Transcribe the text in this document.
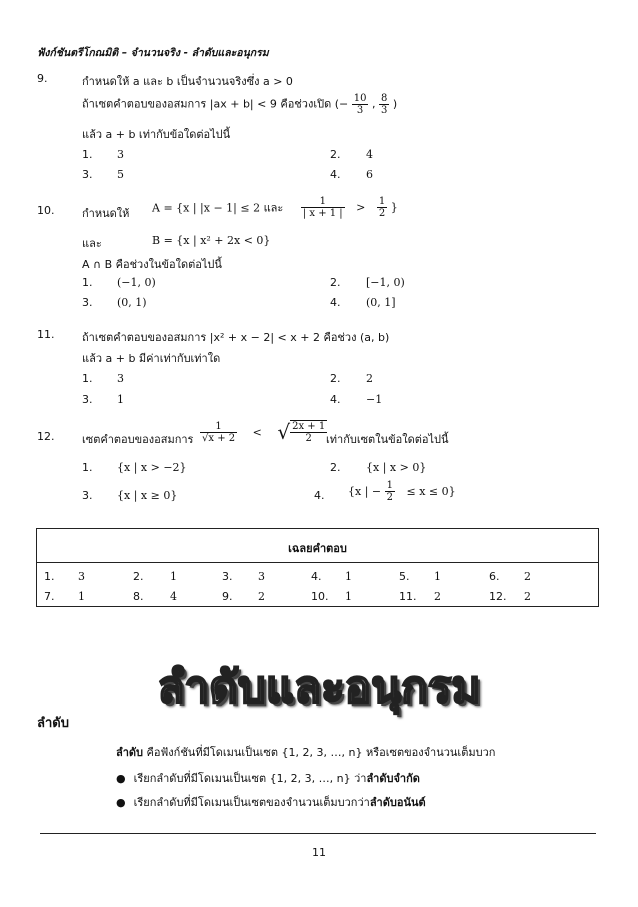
ฟังก์ชันตรีโกณมิติ – จำนวนจริง - ลำดับและอนุกรม
9.	กำหนดให้ a และ b เป็นจำนวนจริงซึ่ง a > 0
ถ้าเซตคำตอบของอสมการ |ax + b| < 9 คือช่วงเปิด (− $\frac{10}{3}$ , $\frac{8}{3}$ )
แล้ว a + b เท่ากับข้อใดต่อไปนี้
1. 3	2. 4
3. 5	4. 6
10.	กำหนดให้ A = {x | |x − 1| ≤ 2 และ $\frac{1}{| x + 1 |} > \frac{1}{2}$ }
และ	B = {x | x² + 2x < 0}
A ∩ B คือช่วงในข้อใดต่อไปนี้
1. (−1, 0)	2. [−1, 0)
3. (0, 1)	4. (0, 1]
11.	ถ้าเซตคำตอบของอสมการ |x² + x − 2| < x + 2 คือช่วง (a, b)
แล้ว a + b มีค่าเท่ากับเท่าใด
1. 3	2. 2
3. 1	4. −1
12.	เซตคำตอบของอสมการ $\frac{1}{√x + 2}$ < √ $\frac{2x + 1}{2}$
เท่ากับเซตในข้อใดต่อไปนี้
1. {x | x > −2}	2. {x | x > 0}
3. {x | x ≥ 0}	4. {x | − $\frac{1}{2} \le x \le 0$}
เฉลยคำตอบ
1. 3	2. 1	3. 3	4. 1	5. 1	6. 2
7. 1	8. 4	9. 2	10. 1	11. 2	12. 2
ลำดับและอนุกรม
ลำดับ
ลำดับ คือฟังก์ชันที่มีโดเมนเป็นเซต {1, 2, 3, …, n} หรือเซตของจำนวนเต็มบวก
● เรียกลำดับที่มีโดเมนเป็นเซต {1, 2, 3, …, n} ว่าลำดับจำกัด
● เรียกลำดับที่มีโดเมนเป็นเซตของจำนวนเต็มบวกว่าลำดับอนันต์
11
